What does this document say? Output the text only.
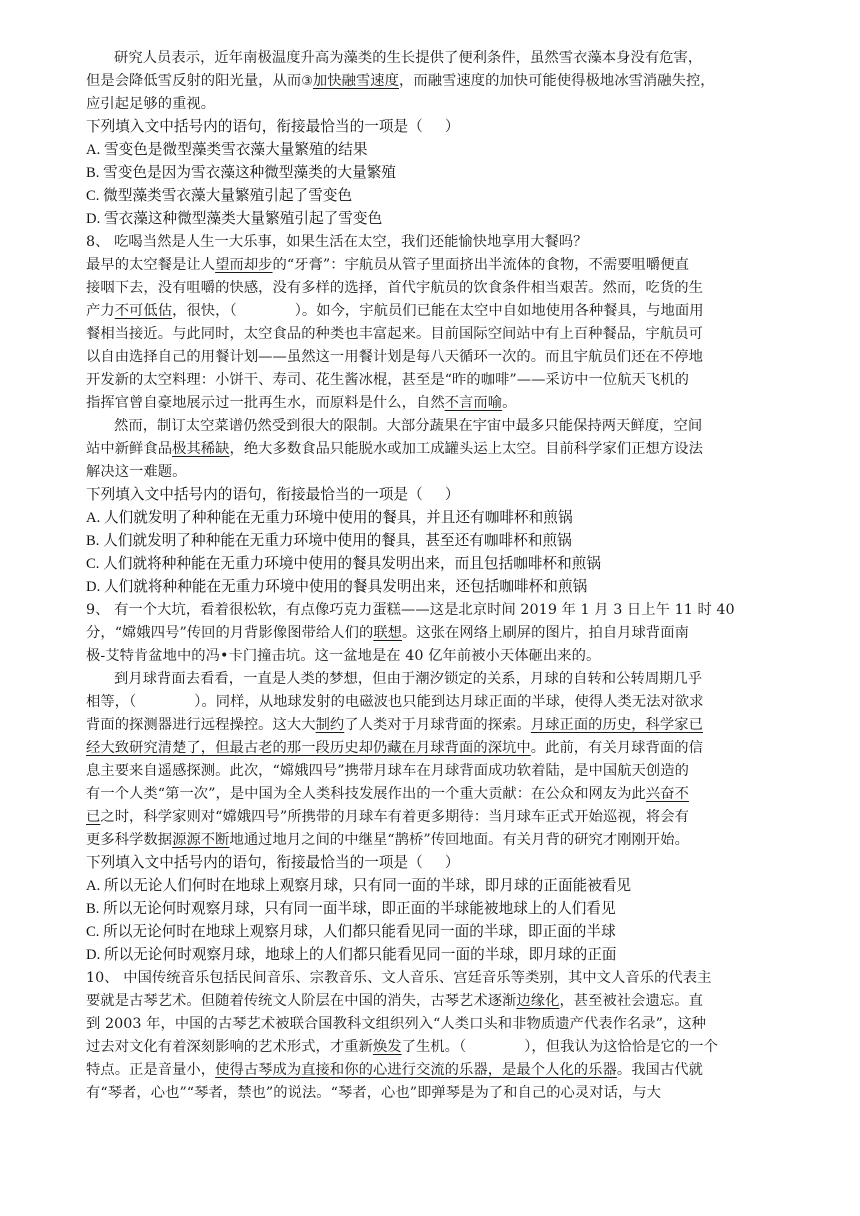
研究人员表示，近年南极温度升高为藻类的生长提供了便利条件，虽然雪衣藻本身没有危害，
但是会降低雪反射的阳光量，从而③加快融雪速度，而融雪速度的加快可能使得极地冰雪消融失控，
应引起足够的重视。
下列填入文中括号内的语句，衔接最恰当的一项是（ ）
A. 雪变色是微型藻类雪衣藻大量繁殖的结果
B. 雪变色是因为雪衣藻这种微型藻类的大量繁殖
C. 微型藻类雪衣藻大量繁殖引起了雪变色
D. 雪衣藻这种微型藻类大量繁殖引起了雪变色
8、 吃喝当然是人生一大乐事，如果生活在太空，我们还能愉快地享用大餐吗？
最早的太空餐是让人望而却步的“牙膏”：宇航员从管子里面挤出半流体的食物，不需要咀嚼便直
接咽下去，没有咀嚼的快感，没有多样的选择，首代宇航员的饮食条件相当艰苦。然而，吃货的生
产力不可低估，很快，（	）。如今，宇航员们已能在太空中自如地使用各种餐具，与地面用
餐相当接近。与此同时，太空食品的种类也丰富起来。目前国际空间站中有上百种餐品，宇航员可
以自由选择自己的用餐计划——虽然这一用餐计划是每八天循环一次的。而且宇航员们还在不停地
开发新的太空料理：小饼干、寿司、花生酱冰棍，甚至是“昨的咖啡”——采访中一位航天飞机的
指挥官曾自豪地展示过一批再生水，而原料是什么，自然不言而喻。
然而，制订太空菜谱仍然受到很大的限制。大部分蔬果在宇宙中最多只能保持两天鲜度，空间
站中新鲜食品极其稀缺，绝大多数食品只能脱水或加工成罐头运上太空。目前科学家们正想方设法
解决这一难题。
下列填入文中括号内的语句，衔接最恰当的一项是（ ）
A. 人们就发明了种种能在无重力环境中使用的餐具，并且还有咖啡杯和煎锅
B. 人们就发明了种种能在无重力环境中使用的餐具，甚至还有咖啡杯和煎锅
C. 人们就将种种能在无重力环境中使用的餐具发明出来，而且包括咖啡杯和煎锅
D. 人们就将种种能在无重力环境中使用的餐具发明出来，还包括咖啡杯和煎锅
9、 有一个大坑，看着很松软，有点像巧克力蛋糕——这是北京时间 2019 年 1 月 3 日上午 11 时 40
分，“嫦娥四号”传回的月背影像图带给人们的联想。这张在网络上刷屏的图片，拍自月球背面南
极-艾特肯盆地中的冯•卡门撞击坑。这一盆地是在 40 亿年前被小天体砸出来的。
到月球背面去看看，一直是人类的梦想，但由于潮汐锁定的关系，月球的自转和公转周期几乎
相等，（	）。同样，从地球发射的电磁波也只能到达月球正面的半球，使得人类无法对欲求
背面的探测器进行远程操控。这大大制约了人类对于月球背面的探索。月球正面的历史，科学家已
经大致研究清楚了，但最古老的那一段历史却仍藏在月球背面的深坑中。此前，有关月球背面的信
息主要来自遥感探测。此次，“嫦娥四号”携带月球车在月球背面成功软着陆，是中国航天创造的
有一个人类“第一次”，是中国为全人类科技发展作出的一个重大贡献：在公众和网友为此兴奋不
已之时，科学家则对“嫦娥四号”所携带的月球车有着更多期待：当月球车正式开始巡视，将会有
更多科学数据源源不断地通过地月之间的中继星“鹊桥”传回地面。有关月背的研究才刚刚开始。
下列填入文中括号内的语句，衔接最恰当的一项是（ ）
A. 所以无论人们何时在地球上观察月球，只有同一面的半球，即月球的正面能被看见
B. 所以无论何时观察月球，只有同一面半球，即正面的半球能被地球上的人们看见
C. 所以无论何时在地球上观察月球，人们都只能看见同一面的半球，即正面的半球
D. 所以无论何时观察月球，地球上的人们都只能看见同一面的半球，即月球的正面
10、 中国传统音乐包括民间音乐、宗教音乐、文人音乐、宫廷音乐等类别，其中文人音乐的代表主
要就是古琴艺术。但随着传统文人阶层在中国的消失，古琴艺术逐渐边缘化，甚至被社会遗忘。直
到 2003 年，中国的古琴艺术被联合国教科文组织列入“人类口头和非物质遗产代表作名录”，这种
过去对文化有着深刻影响的艺术形式，才重新焕发了生机。（	），但我认为这恰恰是它的一个
特点。正是音量小，使得古琴成为直接和你的心进行交流的乐器，是最个人化的乐器。我国古代就
有“琴者，心也”“琴者，禁也”的说法。“琴者，心也”即弹琴是为了和自己的心灵对话，与大
